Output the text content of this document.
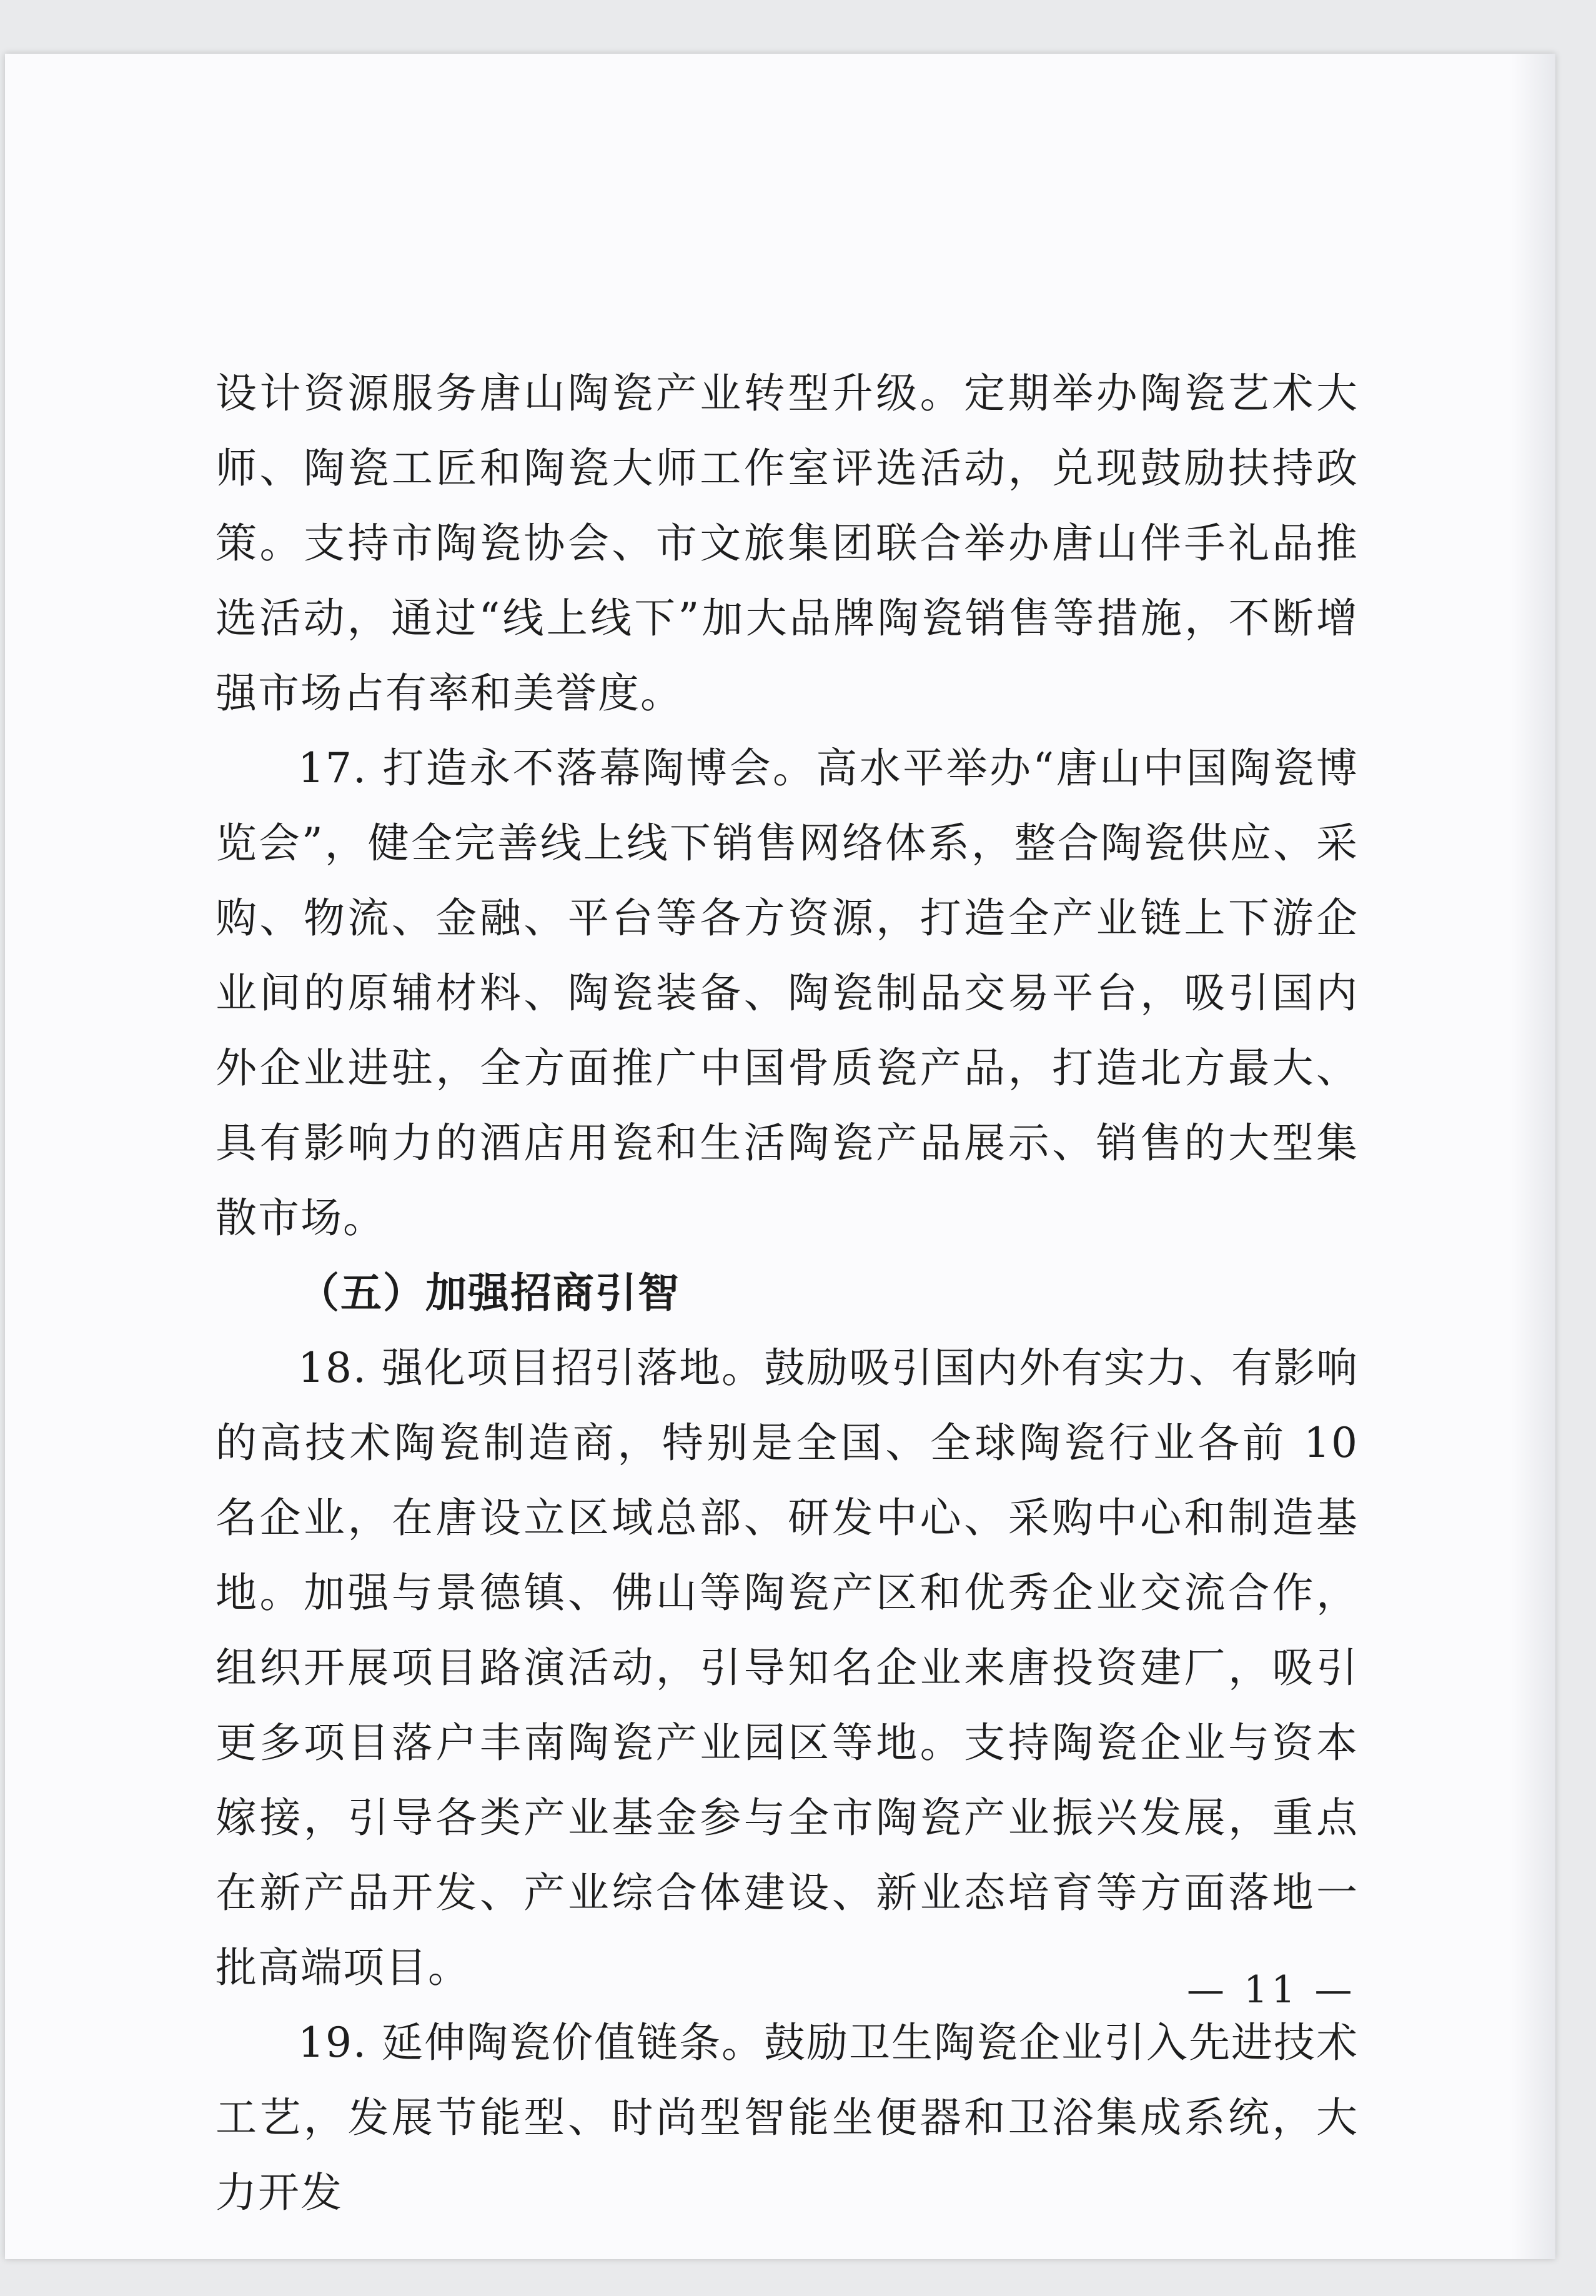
设计资源服务唐山陶瓷产业转型升级。定期举办陶瓷艺术大师、陶瓷工匠和陶瓷大师工作室评选活动，兑现鼓励扶持政策。支持市陶瓷协会、市文旅集团联合举办唐山伴手礼品推选活动，通过“线上线下”加大品牌陶瓷销售等措施，不断增强市场占有率和美誉度。

17. 打造永不落幕陶博会。高水平举办“唐山中国陶瓷博览会”，健全完善线上线下销售网络体系，整合陶瓷供应、采购、物流、金融、平台等各方资源，打造全产业链上下游企业间的原辅材料、陶瓷装备、陶瓷制品交易平台，吸引国内外企业进驻，全方面推广中国骨质瓷产品，打造北方最大、具有影响力的酒店用瓷和生活陶瓷产品展示、销售的大型集散市场。

（五）加强招商引智

18. 强化项目招引落地。鼓励吸引国内外有实力、有影响的高技术陶瓷制造商，特别是全国、全球陶瓷行业各前 10 名企业，在唐设立区域总部、研发中心、采购中心和制造基地。加强与景德镇、佛山等陶瓷产区和优秀企业交流合作，组织开展项目路演活动，引导知名企业来唐投资建厂，吸引更多项目落户丰南陶瓷产业园区等地。支持陶瓷企业与资本嫁接，引导各类产业基金参与全市陶瓷产业振兴发展，重点在新产品开发、产业综合体建设、新业态培育等方面落地一批高端项目。

19. 延伸陶瓷价值链条。鼓励卫生陶瓷企业引入先进技术工艺，发展节能型、时尚型智能坐便器和卫浴集成系统，大力开发

— 11 —
